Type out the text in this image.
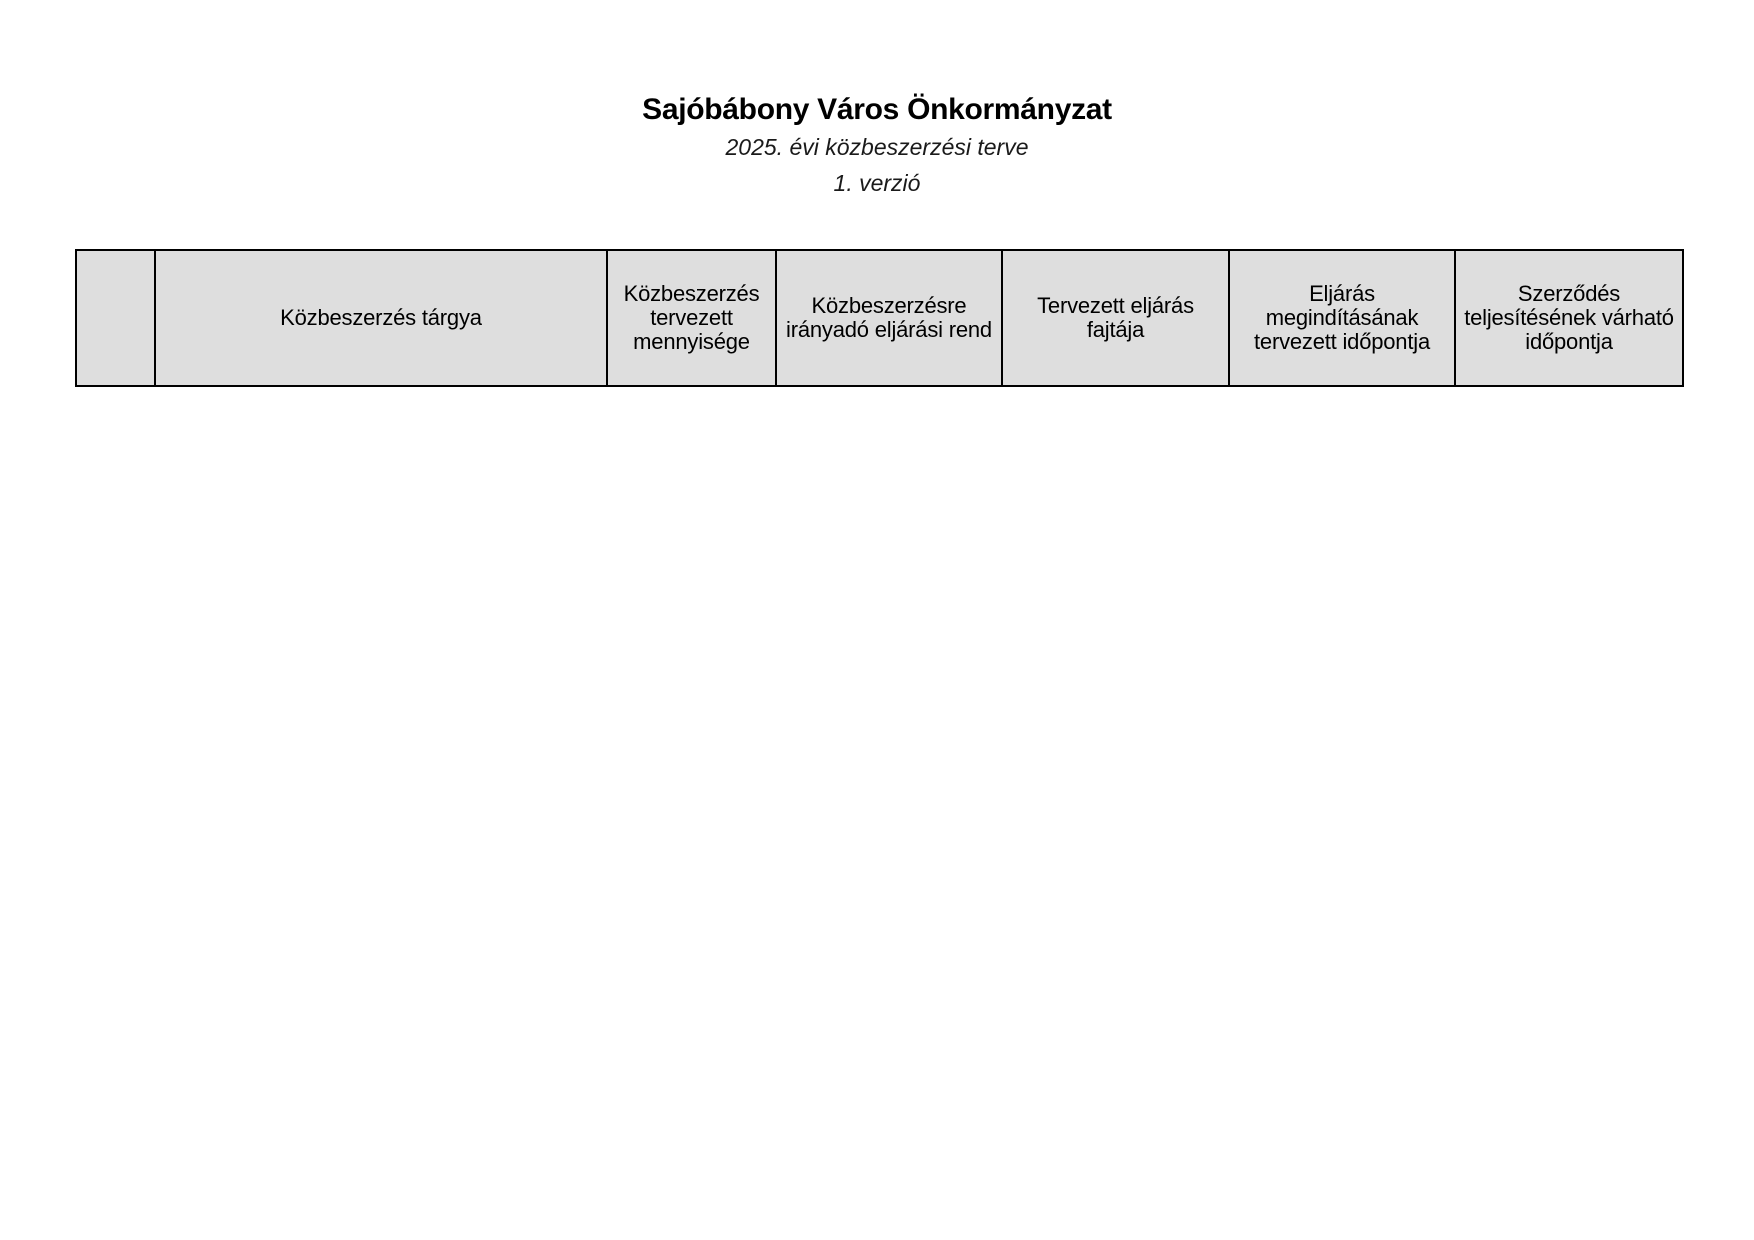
Sajóbábony Város Önkormányzat

2025. évi közbeszerzési terve

1. verzió

	Közbeszerzés tárgya	Közbeszerzés tervezett mennyisége	Közbeszerzésre irányadó eljárási rend	Tervezett eljárás fajtája	Eljárás megindításának tervezett időpontja	Szerződés teljesítésének várható időpontja
